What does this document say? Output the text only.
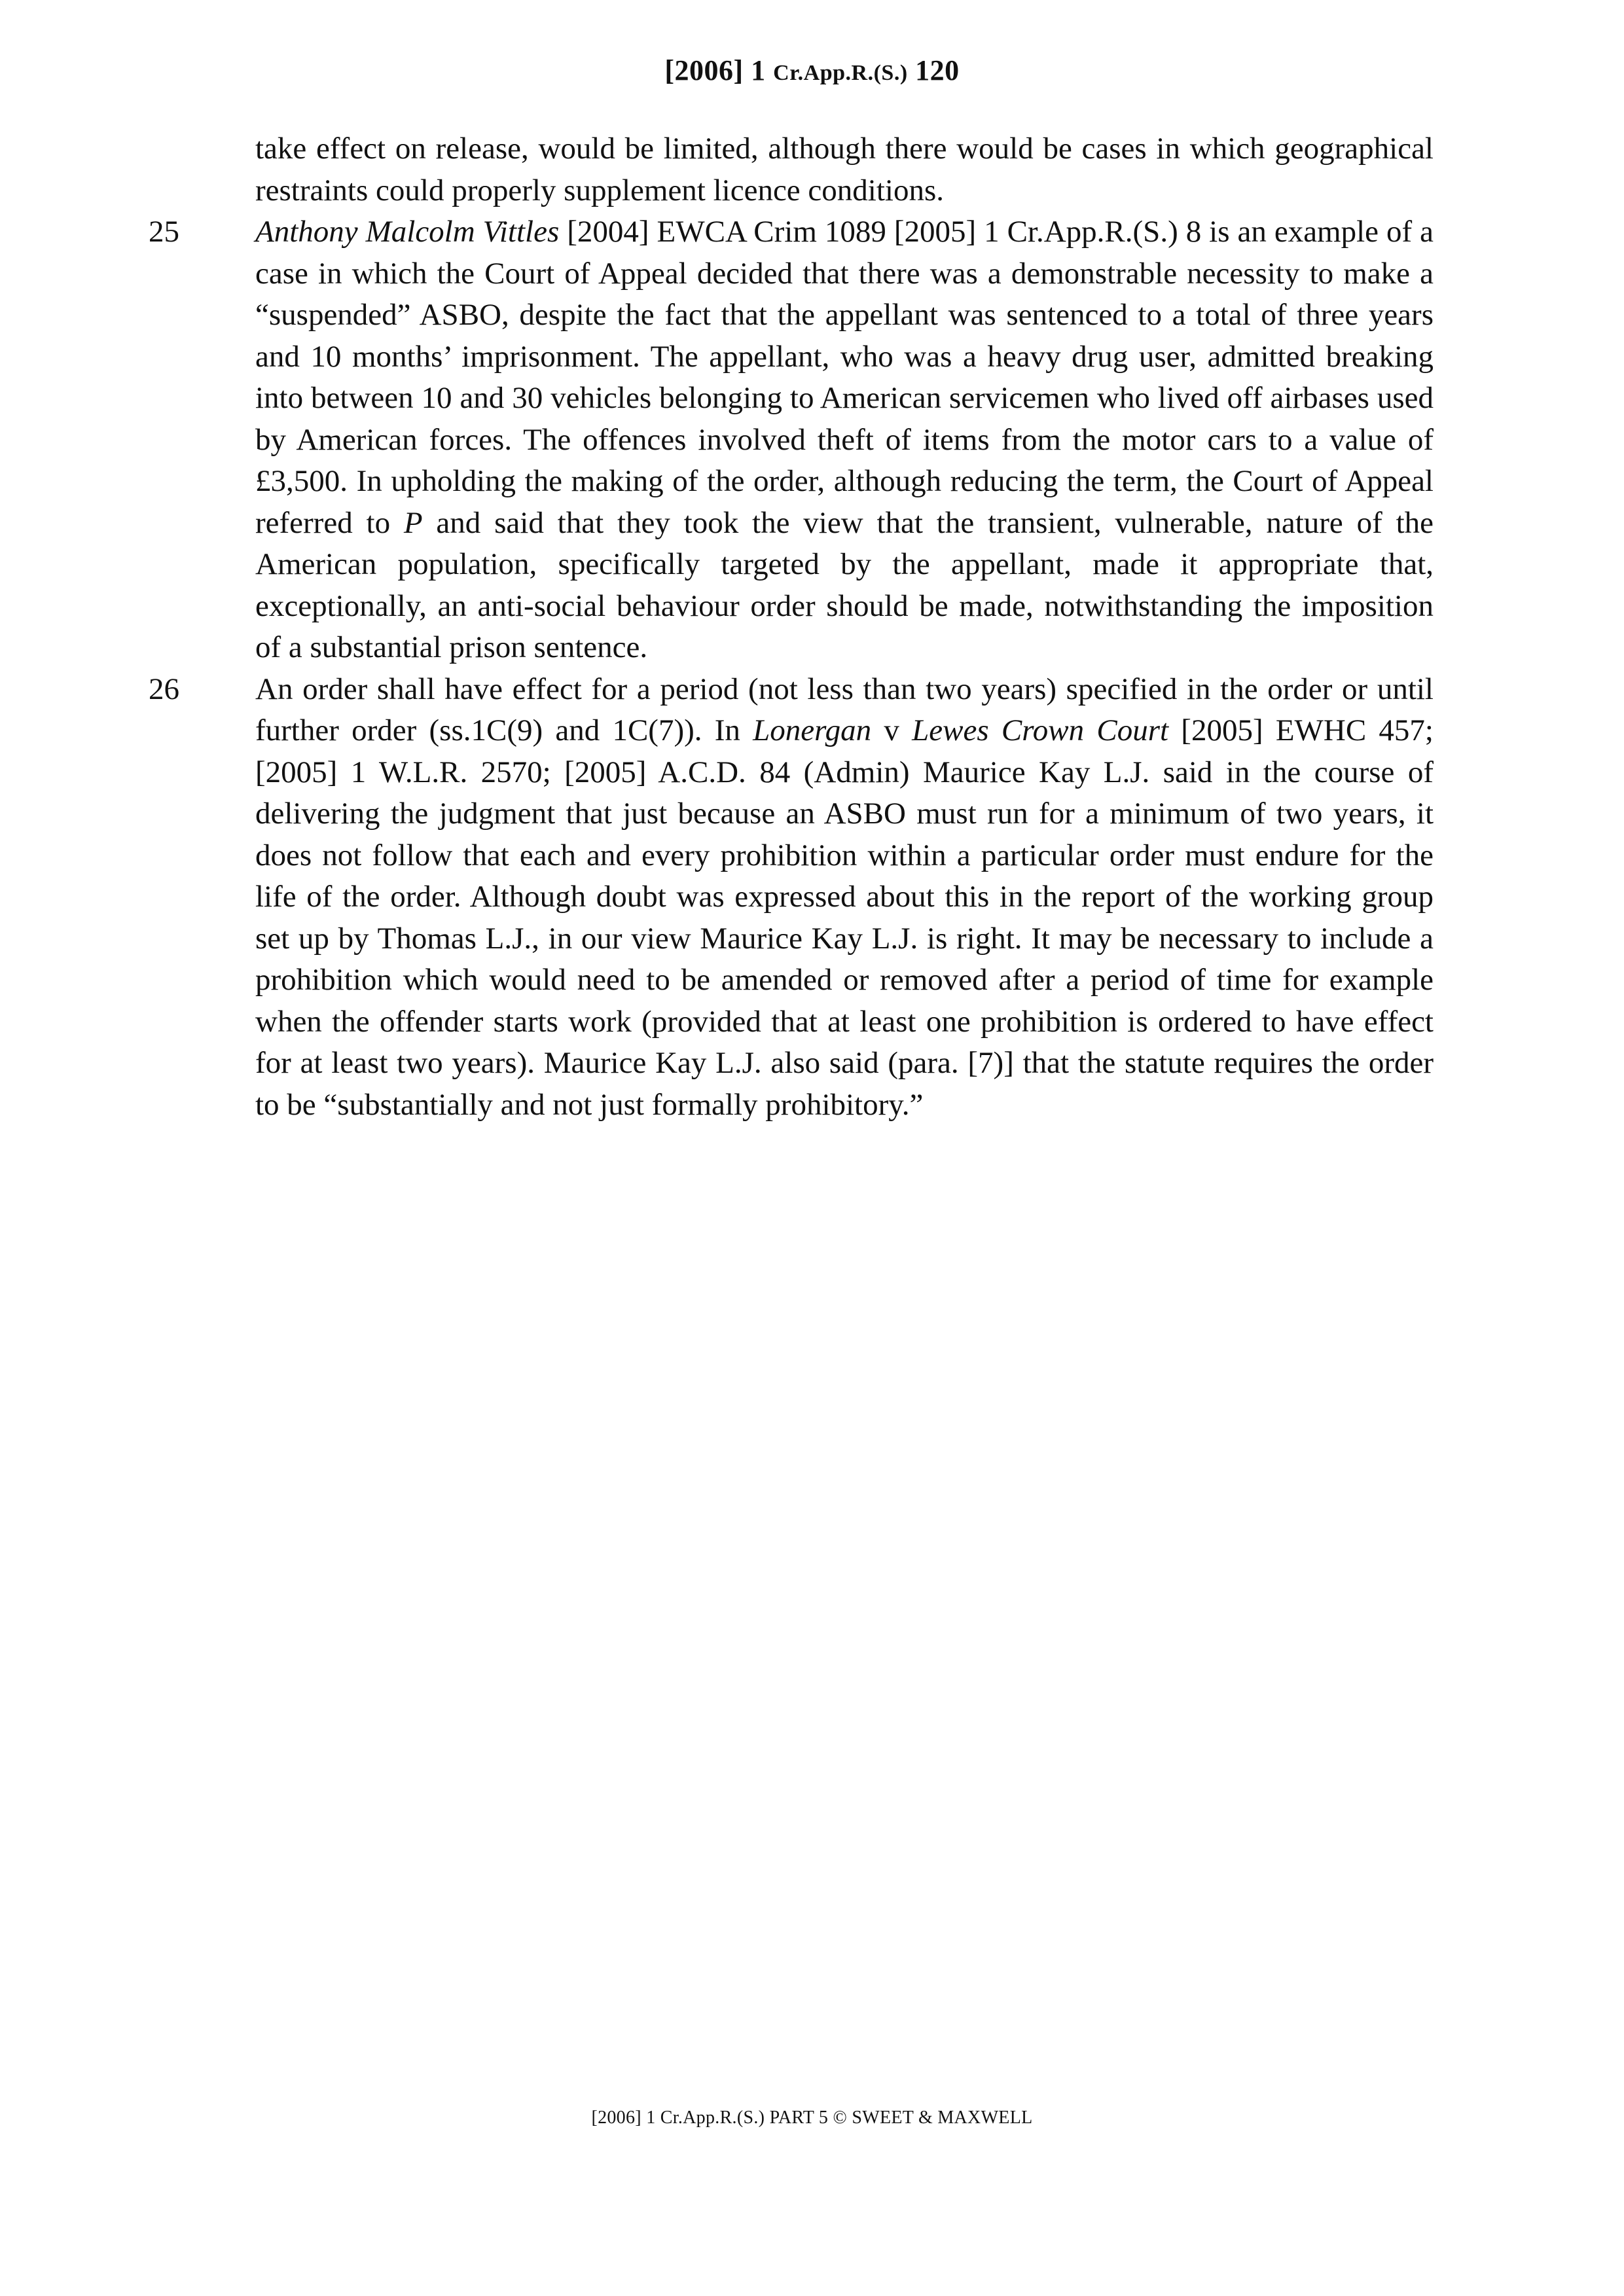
[2006] 1 Cr.App.R.(S.) 120

take effect on release, would be limited, although there would be cases in which geographical restraints could properly supplement licence conditions.

25 Anthony Malcolm Vittles [2004] EWCA Crim 1089 [2005] 1 Cr.App.R.(S.) 8 is an example of a case in which the Court of Appeal decided that there was a demonstrable necessity to make a “suspended” ASBO, despite the fact that the appellant was sentenced to a total of three years and 10 months’ imprisonment. The appellant, who was a heavy drug user, admitted breaking into between 10 and 30 vehicles belonging to American servicemen who lived off airbases used by American forces. The offences involved theft of items from the motor cars to a value of £3,500. In upholding the making of the order, although reducing the term, the Court of Appeal referred to P and said that they took the view that the transient, vulnerable, nature of the American population, specifically targeted by the appellant, made it appropriate that, exceptionally, an anti-social behaviour order should be made, notwithstanding the imposition of a substantial prison sentence.

26 An order shall have effect for a period (not less than two years) specified in the order or until further order (ss.1C(9) and 1C(7)). In Lonergan v Lewes Crown Court [2005] EWHC 457; [2005] 1 W.L.R. 2570; [2005] A.C.D. 84 (Admin) Maurice Kay L.J. said in the course of delivering the judgment that just because an ASBO must run for a minimum of two years, it does not follow that each and every prohibition within a particular order must endure for the life of the order. Although doubt was expressed about this in the report of the working group set up by Thomas L.J., in our view Maurice Kay L.J. is right. It may be necessary to include a prohibition which would need to be amended or removed after a period of time for example when the offender starts work (provided that at least one prohibition is ordered to have effect for at least two years). Maurice Kay L.J. also said (para. [7)] that the statute requires the order to be “substantially and not just formally prohibitory.”

[2006] 1 Cr.App.R.(S.) PART 5 © SWEET & MAXWELL
